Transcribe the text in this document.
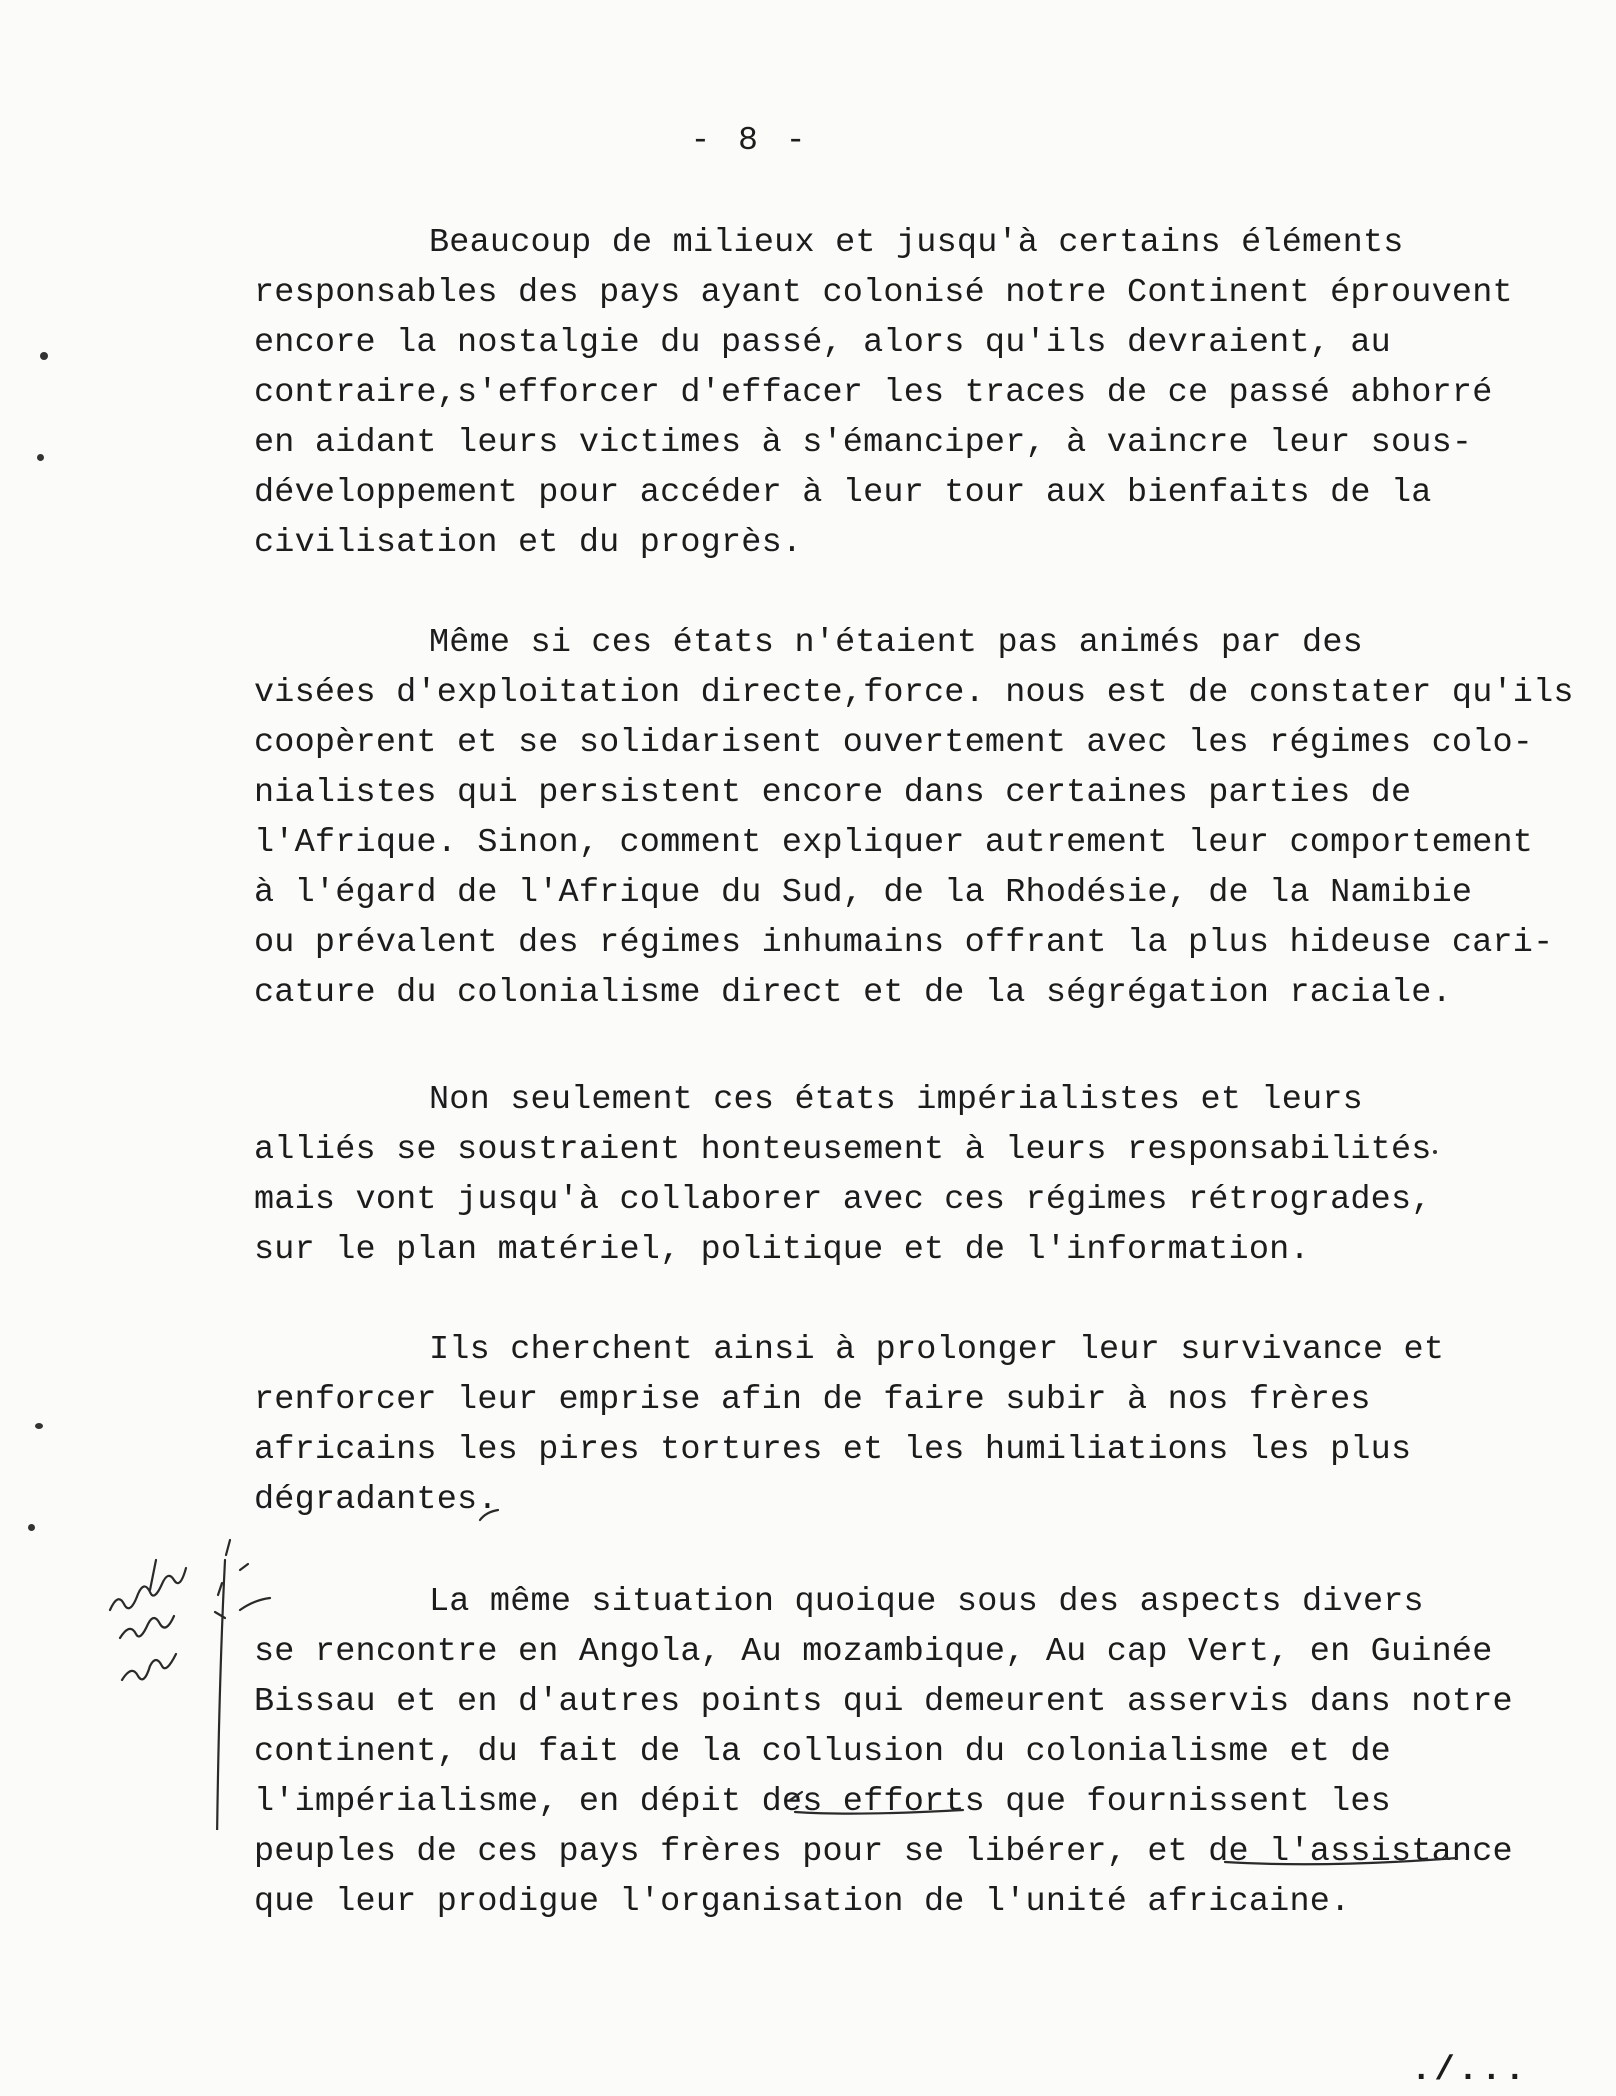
- 8 -
Beaucoup de milieux et jusqu'à certains éléments
responsables des pays ayant colonisé notre Continent éprouvent
encore la nostalgie du passé, alors qu'ils devraient, au
contraire,s'efforcer d'effacer les traces de ce passé abhorré
en aidant leurs victimes à s'émanciper, à vaincre leur sous-
développement pour accéder à leur tour aux bienfaits de la
civilisation et du progrès.
Même si ces états n'étaient pas animés par des
visées d'exploitation directe,force. nous est de constater qu'ils
coopèrent et se solidarisent ouvertement avec les régimes colo-
nialistes qui persistent encore dans certaines parties de
l'Afrique. Sinon, comment expliquer autrement leur comportement
à l'égard de l'Afrique du Sud, de la Rhodésie, de la Namibie
ou prévalent des régimes inhumains offrant la plus hideuse cari-
cature du colonialisme direct et de la ségrégation raciale.
Non seulement ces états impérialistes et leurs
alliés se soustraient honteusement à leurs responsabilités
mais vont jusqu'à collaborer avec ces régimes rétrogrades,
sur le plan matériel, politique et de l'information.
Ils cherchent ainsi à prolonger leur survivance et
renforcer leur emprise afin de faire subir à nos frères
africains les pires tortures et les humiliations les plus
dégradantes.
La même situation quoique sous des aspects divers
se rencontre en Angola, Au mozambique, Au cap Vert, en Guinée
Bissau et en d'autres points qui demeurent asservis dans notre
continent, du fait de la collusion du colonialisme et de
l'impérialisme, en dépit des efforts que fournissent les
peuples de ces pays frères pour se libérer, et de l'assistance
que leur prodigue l'organisation de l'unité africaine.
./...
